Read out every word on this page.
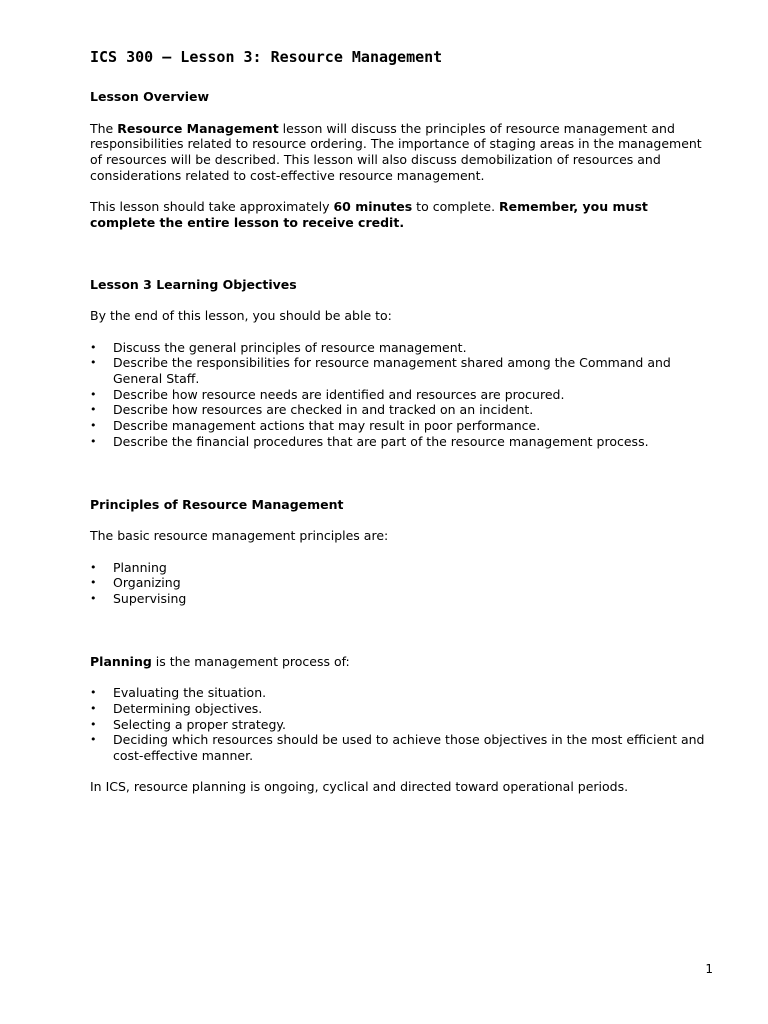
ICS 300 – Lesson 3: Resource Management
Lesson Overview

The Resource Management lesson will discuss the principles of resource management and responsibilities related to resource ordering. The importance of staging areas in the management of resources will be described. This lesson will also discuss demobilization of resources and considerations related to cost-effective resource management.

This lesson should take approximately 60 minutes to complete. Remember, you must complete the entire lesson to receive credit.

Lesson 3 Learning Objectives

By the end of this lesson, you should be able to:

• Discuss the general principles of resource management.
• Describe the responsibilities for resource management shared among the Command and General Staff.
• Describe how resource needs are identified and resources are procured.
• Describe how resources are checked in and tracked on an incident.
• Describe management actions that may result in poor performance.
• Describe the financial procedures that are part of the resource management process.
Principles of Resource Management

The basic resource management principles are:

• Planning
• Organizing
• Supervising

Planning is the management process of:

• Evaluating the situation.
• Determining objectives.
• Selecting a proper strategy.
• Deciding which resources should be used to achieve those objectives in the most efficient and cost-effective manner.

In ICS, resource planning is ongoing, cyclical and directed toward operational periods.

1
